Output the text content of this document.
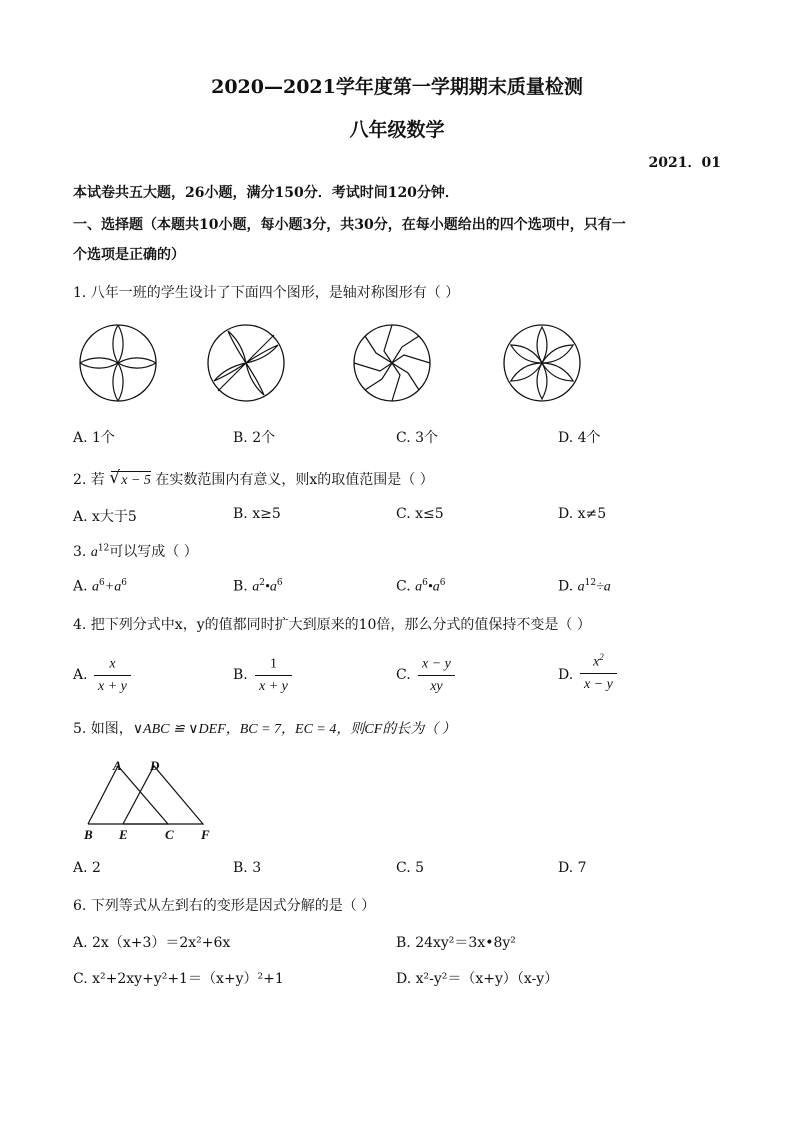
2020—2021学年度第一学期期末质量检测
八年级数学
2021．01
本试卷共五大题，26小题，满分150分．考试时间120分钟．
一、选择题（本题共10小题，每小题3分，共30分，在每小题给出的四个选项中，只有一
个选项是正确的）
1. 八年一班的学生设计了下面四个图形，是轴对称图形有（ ）
A. 1个	B. 2个	C. 3个	D. 4个
2. 若 √ x − 5 在实数范围内有意义，则x的取值范围是（ ）
A. x大于5	B. x≥5	C. x≤5	D. x≠5
3. $a^{12}$可以写成（ ）
A. $a^6+a^6$	B. $a^2•a^6$	C. $a^6•a^6$	D. $a^{12}\div a$
4. 把下列分式中x，y的值都同时扩大到原来的10倍，那么分式的值保持不变是（ ）
A. $\frac{x}{x + y}$	B. $\frac{1}{x + y}$	C. $\frac{x - y}{xy}$	D. $\frac{x^2}{x - y}$
5. 如图，∨ABC ≌ ∨DEF，BC = 7，EC = 4，则CF的长为（ ）
A D
B E	C F
A. 2	B. 3	C. 5	D. 7
6. 下列等式从左到右的变形是因式分解的是（ ）
A. 2x（x+3）＝2x²+6x	B. 24xy²＝3x•8y²
C. x²+2xy+y²+1＝（x+y）²+1	D. x²-y²＝（x+y）（x-y）
